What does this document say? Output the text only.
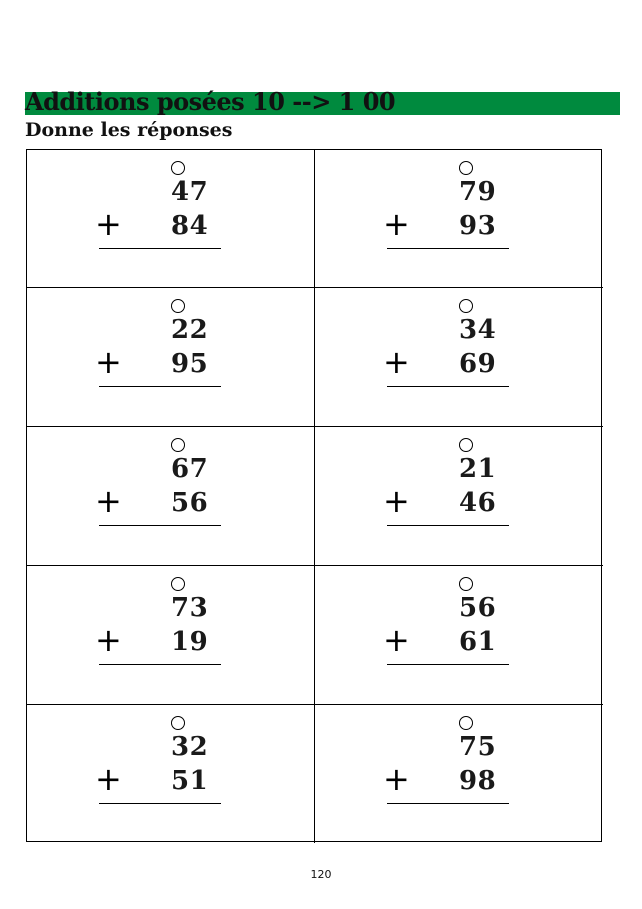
Additions posées 10 --> 1 00
Donne les réponses
47
+ 84
79
+ 93
22
+ 95
34
+ 69
67
+ 56
21
+ 46
73
+ 19
56
+ 61
32
+ 51
75
+ 98
120
